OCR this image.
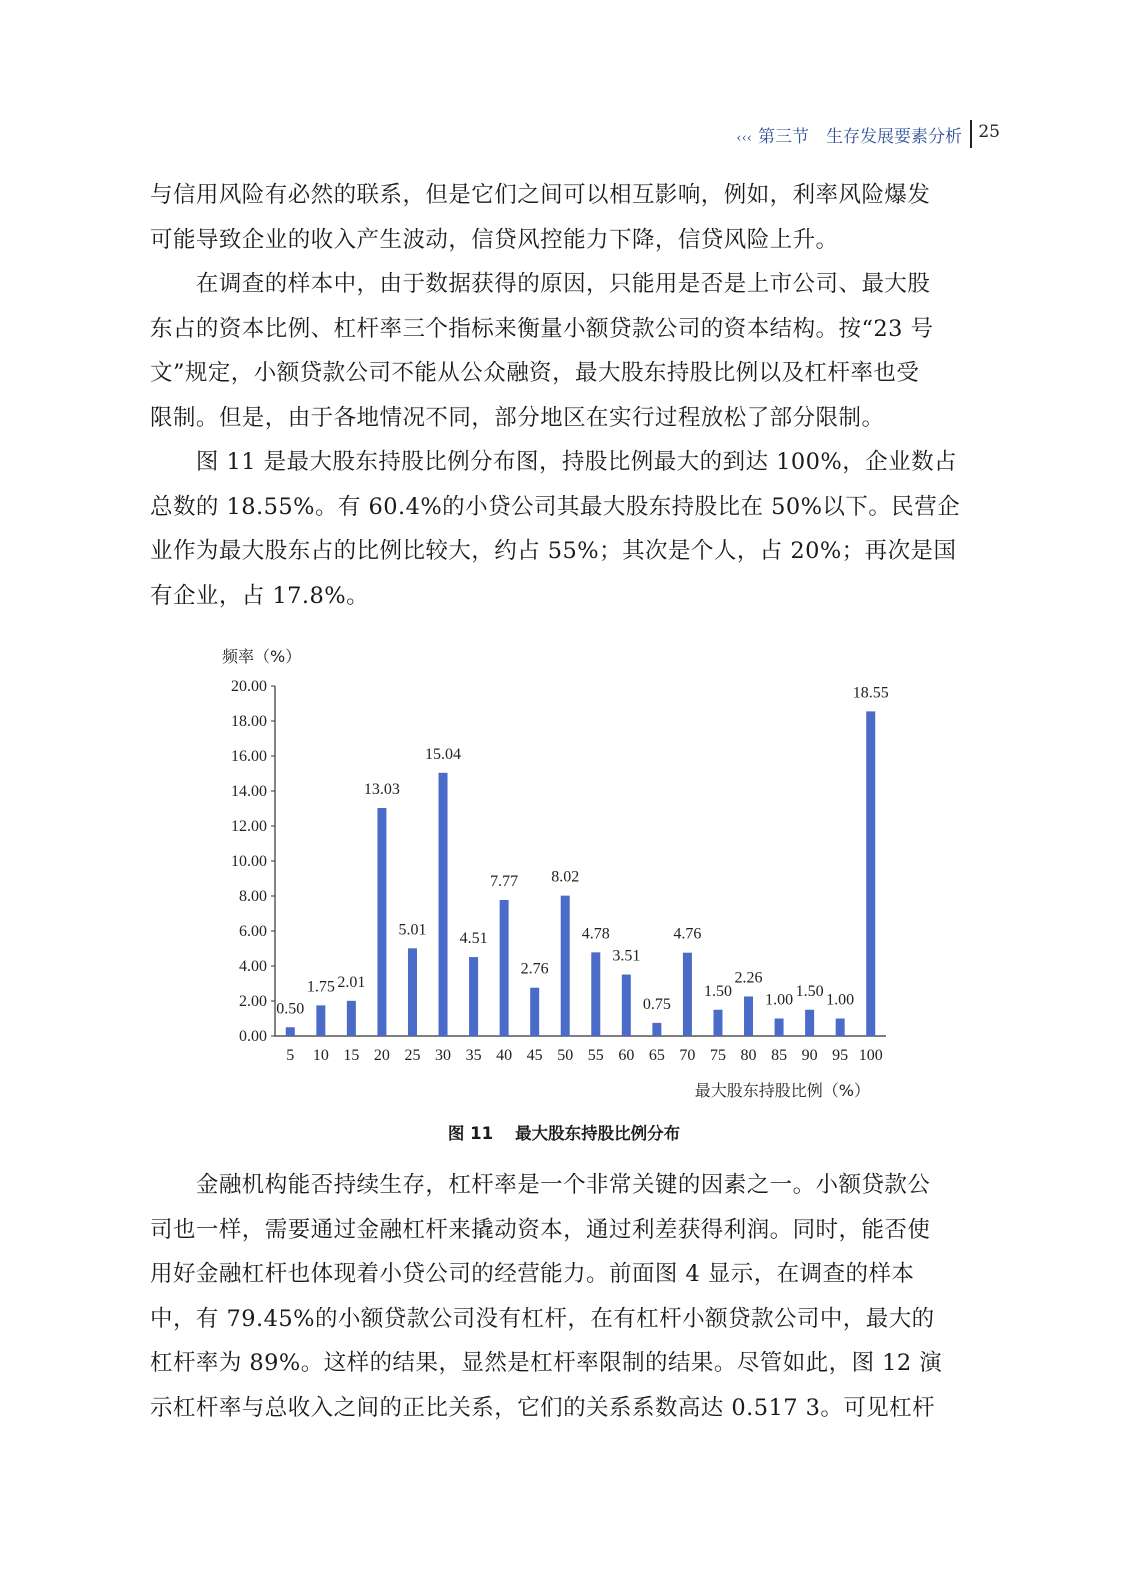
‹‹‹ 第三节　生存发展要素分析 25
与信用风险有必然的联系，但是它们之间可以相互影响，例如，利率风险爆发
可能导致企业的收入产生波动，信贷风控能力下降，信贷风险上升。
　　在调查的样本中，由于数据获得的原因，只能用是否是上市公司、最大股
东占的资本比例、杠杆率三个指标来衡量小额贷款公司的资本结构。按“23 号
文”规定，小额贷款公司不能从公众融资，最大股东持股比例以及杠杆率也受
限制。但是，由于各地情况不同，部分地区在实行过程放松了部分限制。
　　图 11 是最大股东持股比例分布图，持股比例最大的到达 100%，企业数占
总数的 18.55%。有 60.4%的小贷公司其最大股东持股比在 50%以下。民营企
业作为最大股东占的比例比较大，约占 55%；其次是个人，占 20%；再次是国
有企业，占 17.8%。
频率（%）
最大股东持股比例（%）
0.00
2.00
4.00
6.00
8.00
10.00
12.00
14.00
16.00
18.00
20.00
0.50
1.75 2.01
13.03
5.01
15.04
4.51
7.77
2.76
8.02
4.78
3.51
0.75
4.76
1.50
2.26
1.00
1.50
1.00
18.55
5 10 15 20 25 30 35 40 45 50 55 60 65 70 75 80 85 90 95 100
图 11 最大股东持股比例分布
　　金融机构能否持续生存，杠杆率是一个非常关键的因素之一。小额贷款公
司也一样，需要通过金融杠杆来撬动资本，通过利差获得利润。同时，能否使
用好金融杠杆也体现着小贷公司的经营能力。前面图 4 显示，在调查的样本
中，有 79.45%的小额贷款公司没有杠杆，在有杠杆小额贷款公司中，最大的
杠杆率为 89%。这样的结果，显然是杠杆率限制的结果。尽管如此，图 12 演
示杠杆率与总收入之间的正比关系，它们的关系系数高达 0.517 3。可见杠杆
